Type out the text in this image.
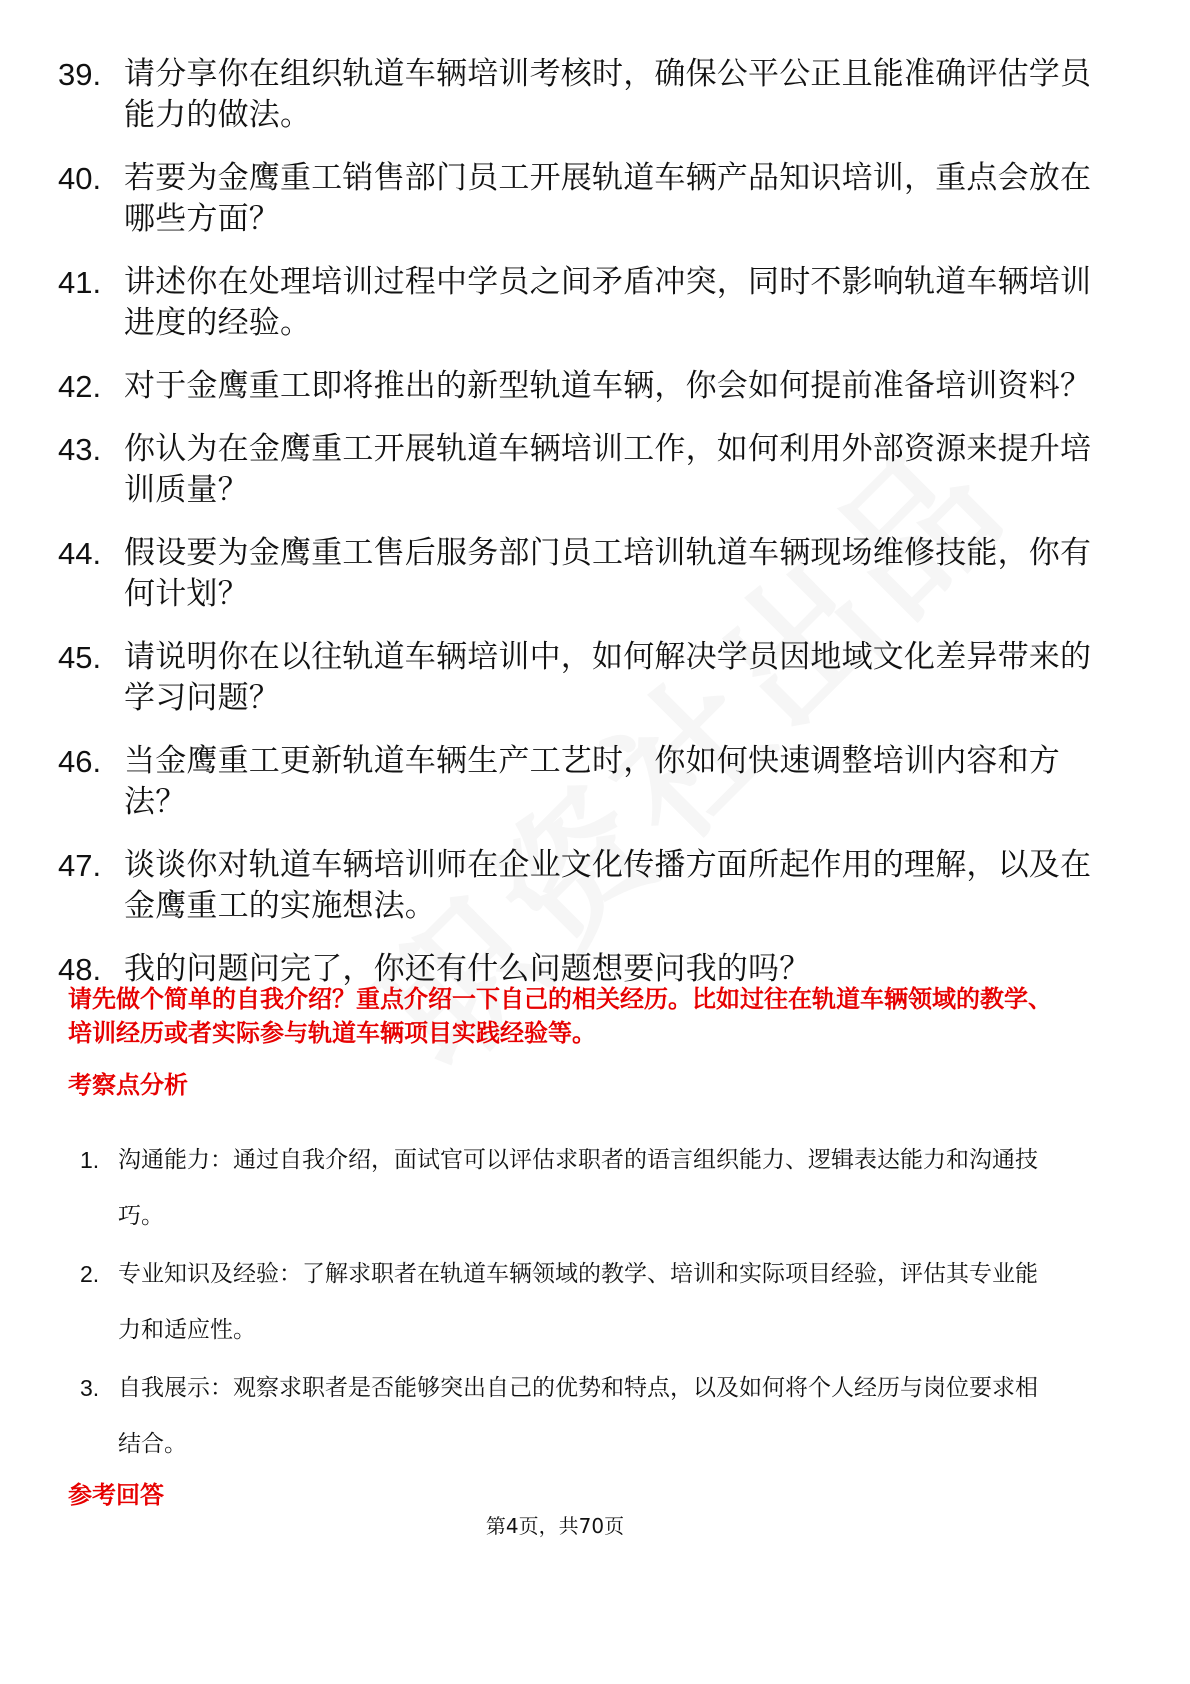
39. 请分享你在组织轨道车辆培训考核时，确保公平公正且能准确评估学员能力的做法。
40. 若要为金鹰重工销售部门员工开展轨道车辆产品知识培训，重点会放在哪些方面？
41. 讲述你在处理培训过程中学员之间矛盾冲突，同时不影响轨道车辆培训进度的经验。
42. 对于金鹰重工即将推出的新型轨道车辆，你会如何提前准备培训资料？
43. 你认为在金鹰重工开展轨道车辆培训工作，如何利用外部资源来提升培训质量？
44. 假设要为金鹰重工售后服务部门员工培训轨道车辆现场维修技能，你有何计划？
45. 请说明你在以往轨道车辆培训中，如何解决学员因地域文化差异带来的学习问题？
46. 当金鹰重工更新轨道车辆生产工艺时，你如何快速调整培训内容和方法？
47. 谈谈你对轨道车辆培训师在企业文化传播方面所起作用的理解，以及在金鹰重工的实施想法。
48. 我的问题问完了，你还有什么问题想要问我的吗？
请先做个简单的自我介绍？重点介绍一下自己的相关经历。比如过往在轨道车辆领域的教学、培训经历或者实际参与轨道车辆项目实践经验等。
考察点分析
1. 沟通能力：通过自我介绍，面试官可以评估求职者的语言组织能力、逻辑表达能力和沟通技巧。
2. 专业知识及经验：了解求职者在轨道车辆领域的教学、培训和实际项目经验，评估其专业能力和适应性。
3. 自我展示：观察求职者是否能够突出自己的优势和特点，以及如何将个人经历与岗位要求相结合。
参考回答
第4页，共70页
